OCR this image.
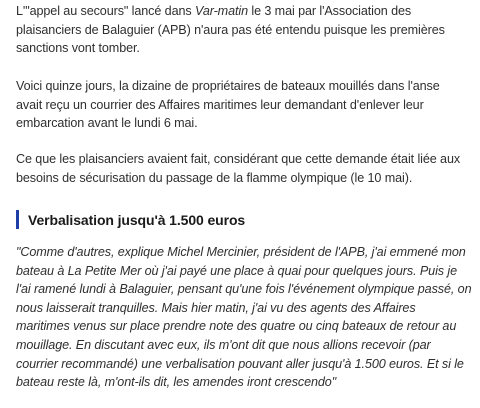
L'"appel au secours" lancé dans Var-matin le 3 mai par l'Association des plaisanciers de Balaguier (APB) n'aura pas été entendu puisque les premières sanctions vont tomber.

Voici quinze jours, la dizaine de propriétaires de bateaux mouillés dans l'anse avait reçu un courrier des Affaires maritimes leur demandant d'enlever leur embarcation avant le lundi 6 mai.

Ce que les plaisanciers avaient fait, considérant que cette demande était liée aux besoins de sécurisation du passage de la flamme olympique (le 10 mai).

Verbalisation jusqu'à 1.500 euros

"Comme d'autres, explique Michel Mercinier, président de l'APB, j'ai emmené mon bateau à La Petite Mer où j'ai payé une place à quai pour quelques jours. Puis je l'ai ramené lundi à Balaguier, pensant qu'une fois l'événement olympique passé, on nous laisserait tranquilles. Mais hier matin, j'ai vu des agents des Affaires maritimes venus sur place prendre note des quatre ou cinq bateaux de retour au mouillage. En discutant avec eux, ils m'ont dit que nous allions recevoir (par courrier recommandé) une verbalisation pouvant aller jusqu'à 1.500 euros. Et si le bateau reste là, m'ont-ils dit, les amendes iront crescendo"
